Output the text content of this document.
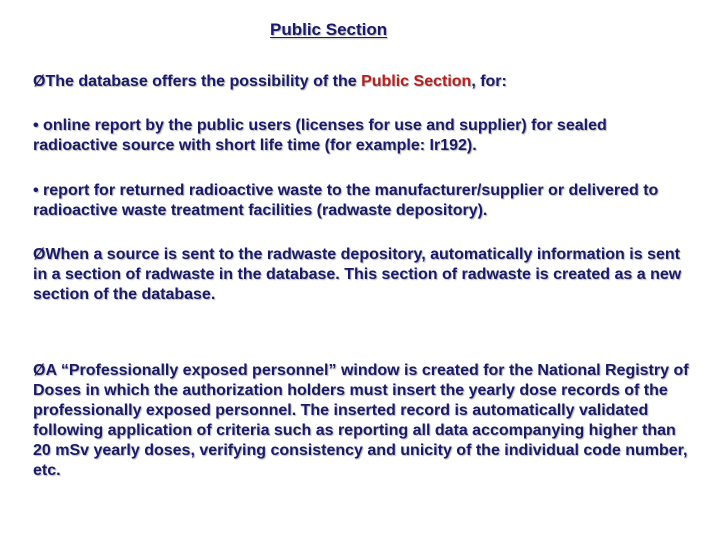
Public Section

ØThe database offers the possibility of the Public Section, for:

• online report by the public users (licenses for use and supplier) for sealed radioactive source with short life time (for example: Ir192).

• report for returned radioactive waste to the manufacturer/supplier or delivered to radioactive waste treatment facilities (radwaste depository).

ØWhen a source is sent to the radwaste depository, automatically information is sent in a section of radwaste in the database. This section of radwaste is created as a new section of the database.

ØA “Professionally exposed personnel” window is created for the National Registry of Doses in which the authorization holders must insert the yearly dose records of the professionally exposed personnel. The inserted record is automatically validated following application of criteria such as reporting all data accompanying higher than 20 mSv yearly doses, verifying consistency and unicity of the individual code number, etc.
